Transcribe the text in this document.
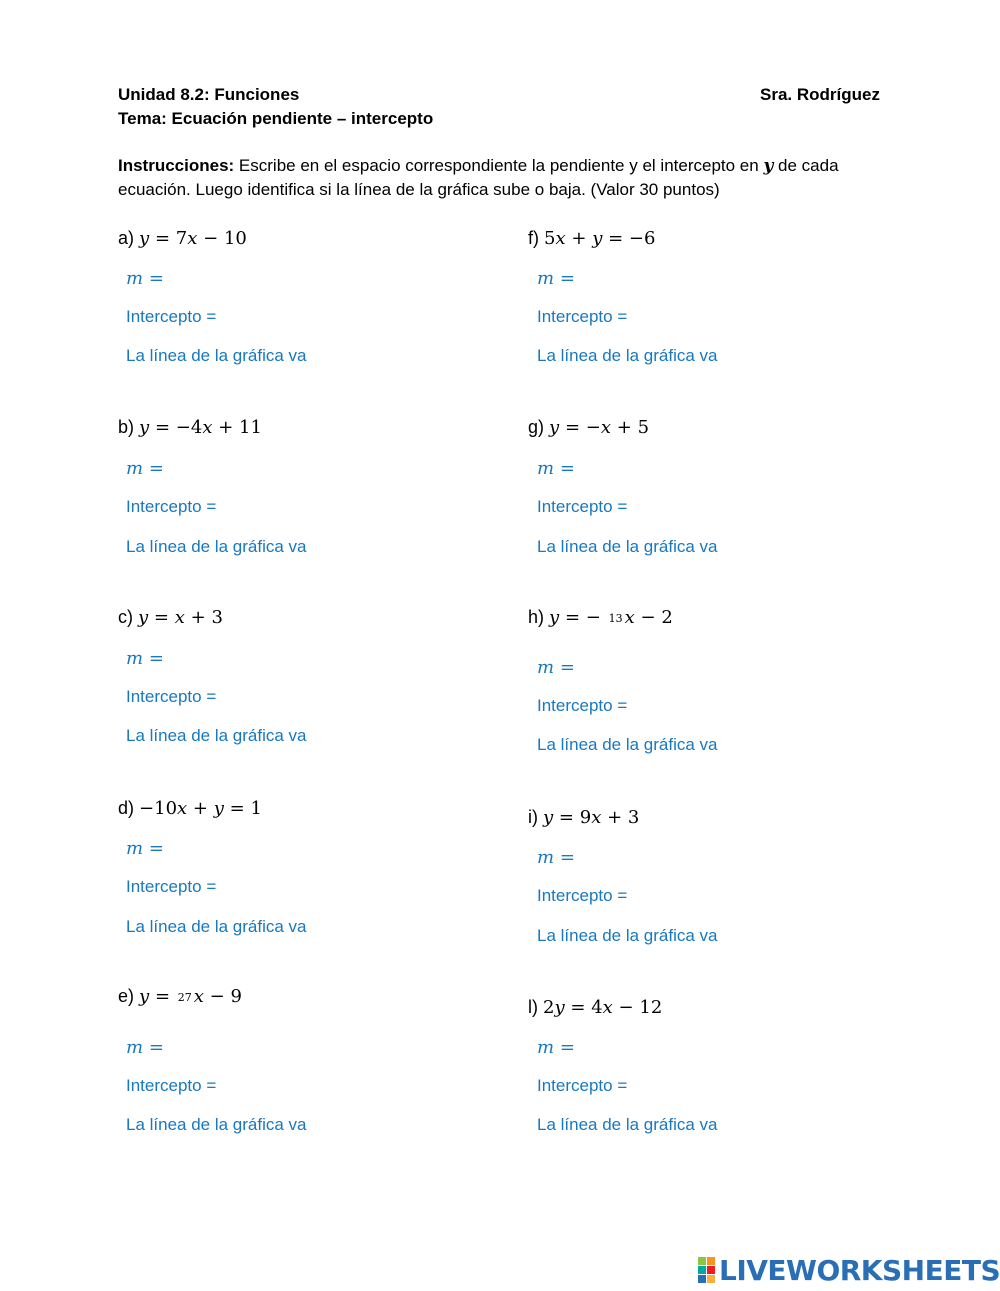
Unidad 8.2: Funciones	Sra. Rodríguez
Tema: Ecuación pendiente – intercepto
Instrucciones: Escribe en el espacio correspondiente la pendiente y el intercepto en y de cada ecuación. Luego identifica si la línea de la gráfica sube o baja. (Valor 30 puntos)
a) y = 7x − 10
m =
Intercepto =
La línea de la gráfica va
b) y = −4x + 11
m =
Intercepto =
La línea de la gráfica va
c) y = x + 3
m =
Intercepto =
La línea de la gráfica va
d) −10x + y = 1
m =
Intercepto =
La línea de la gráfica va
e) y = 27 x − 9
m =
Intercepto =
La línea de la gráfica va
f) 5x + y = −6
m =
Intercepto =
La línea de la gráfica va
g) y = −x + 5
m =
Intercepto =
La línea de la gráfica va
h) y = − 13 x − 2
m =
Intercepto =
La línea de la gráfica va
i) y = 9x + 3
m =
Intercepto =
La línea de la gráfica va
l) 2y = 4x − 12
m =
Intercepto =
La línea de la gráfica va
LIVEWORKSHEETS
